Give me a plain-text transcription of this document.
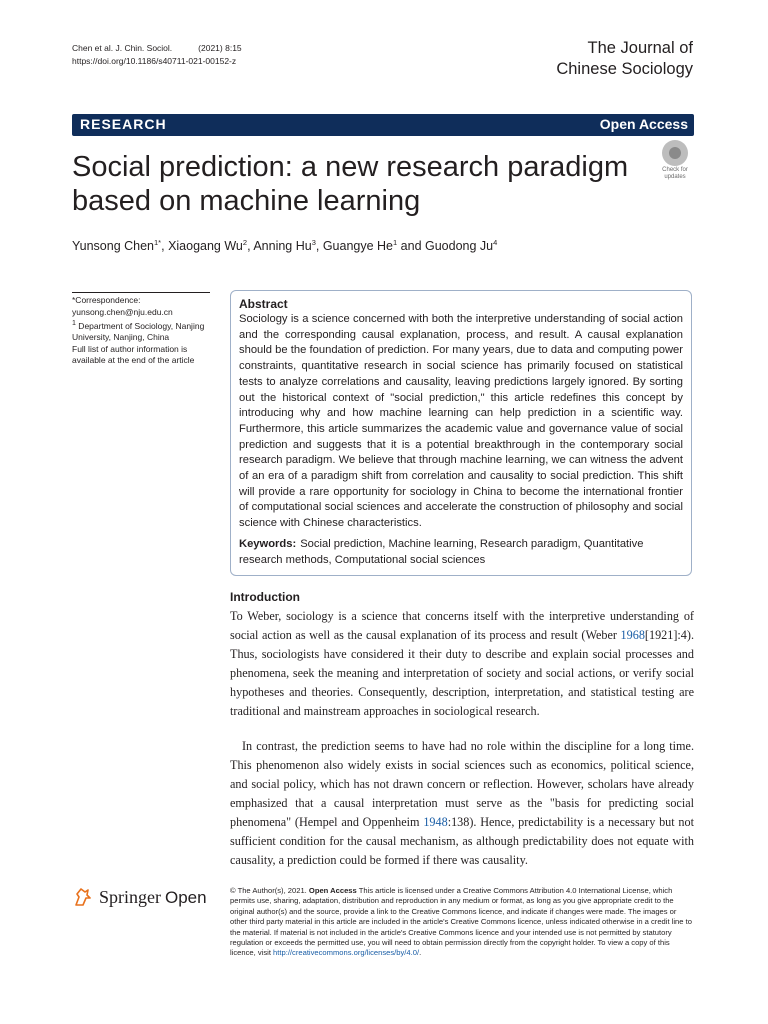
Chen et al. J. Chin. Sociol.	(2021) 8:15
https://doi.org/10.1186/s40711-021-00152-z
The Journal of
Chinese Sociology
RESEARCH	Open Access
Social prediction: a new research paradigm based on machine learning
Check for
updates
Yunsong Chen$^{1*}$, Xiaogang Wu$^2$, Anning Hu$^3$, Guangye He$^1$ and Guodong Ju$^4$
*Correspondence:
yunsong.chen@nju.edu.cn
$^1$ Department of Sociology, Nanjing University, Nanjing, China
Full list of author information is available at the end of the article
Abstract
Sociology is a science concerned with both the interpretive understanding of social action and the corresponding causal explanation, process, and result. A causal explanation should be the foundation of prediction. For many years, due to data and computing power constraints, quantitative research in social science has primarily focused on statistical tests to analyze correlations and causality, leaving predictions largely ignored. By sorting out the historical context of "social prediction," this article redefines this concept by introducing why and how machine learning can help prediction in a scientific way. Furthermore, this article summarizes the academic value and governance value of social prediction and suggests that it is a potential breakthrough in the contemporary social research paradigm. We believe that through machine learning, we can witness the advent of an era of a paradigm shift from correlation and causality to social prediction. This shift will provide a rare opportunity for sociology in China to become the international frontier of computational social sciences and accelerate the construction of philosophy and social science with Chinese characteristics.
Keywords: Social prediction, Machine learning, Research paradigm, Quantitative research methods, Computational social sciences
Introduction
To Weber, sociology is a science that concerns itself with the interpretive understanding of social action as well as the causal explanation of its process and result (Weber 1968[1921]:4). Thus, sociologists have considered it their duty to describe and explain social processes and phenomena, seek the meaning and interpretation of society and social actions, or verify social hypotheses and theories. Consequently, description, interpretation, and statistical testing are traditional and mainstream approaches in sociological research.
In contrast, the prediction seems to have had no role within the discipline for a long time. This phenomenon also widely exists in social sciences such as economics, political science, and social policy, which has not drawn concern or reflection. However, scholars have already emphasized that a causal interpretation must serve as the "basis for predicting social phenomena" (Hempel and Oppenheim 1948:138). Hence, predictability is a necessary but not sufficient condition for the causal mechanism, as although predictability does not equate with causality, a prediction could be formed if there was causality.
Springer Open	© The Author(s), 2021. Open Access This article is licensed under a Creative Commons Attribution 4.0 International License, which permits use, sharing, adaptation, distribution and reproduction in any medium or format, as long as you give appropriate credit to the original author(s) and the source, provide a link to the Creative Commons licence, and indicate if changes were made. The images or other third party material in this article are included in the article's Creative Commons licence, unless indicated otherwise in a credit line to the material. If material is not included in the article's Creative Commons licence and your intended use is not permitted by statutory regulation or exceeds the permitted use, you will need to obtain permission directly from the copyright holder. To view a copy of this licence, visit http://creativecommons.org/licenses/by/4.0/.
